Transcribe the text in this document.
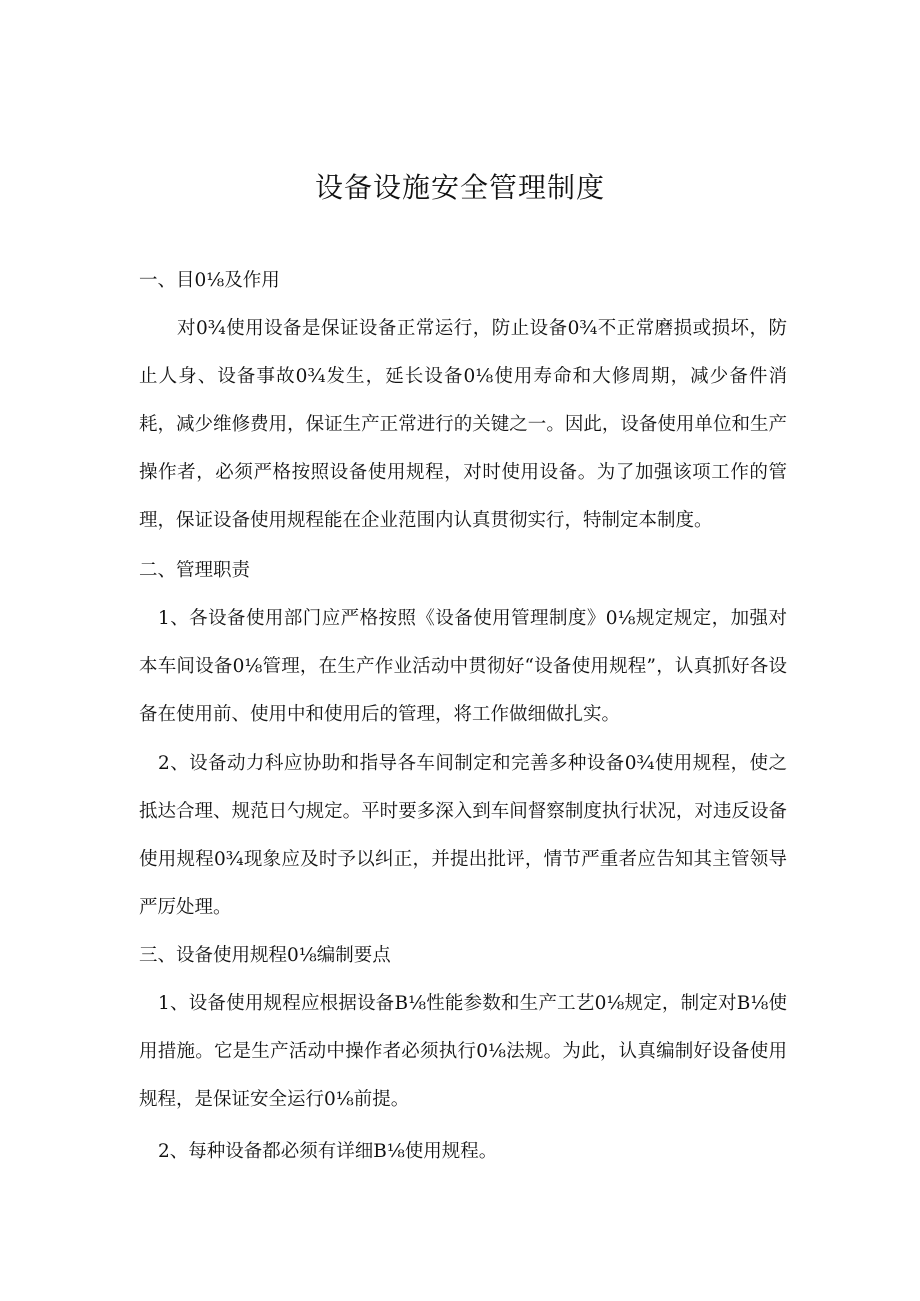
设备设施安全管理制度
一、目0⅛及作用
对0¾使用设备是保证设备正常运行，防止设备0¾不正常磨损或损坏，防止人身、设备事故0¾发生，延长设备0⅛使用寿命和大修周期，减少备件消耗，减少维修费用，保证生产正常进行的关键之一。因此，设备使用单位和生产操作者，必须严格按照设备使用规程，对时使用设备。为了加强该项工作的管理，保证设备使用规程能在企业范围内认真贯彻实行，特制定本制度。
二、管理职责
1、各设备使用部门应严格按照《设备使用管理制度》0⅛规定规定，加强对本车间设备0⅛管理，在生产作业活动中贯彻好“设备使用规程”，认真抓好各设备在使用前、使用中和使用后的管理，将工作做细做扎实。
2、设备动力科应协助和指导各车间制定和完善多种设备0¾使用规程，使之抵达合理、规范日勺规定。平时要多深入到车间督察制度执行状况，对违反设备使用规程0¾现象应及时予以纠正，并提出批评，情节严重者应告知其主管领导严厉处理。
三、设备使用规程0⅛编制要点
1、设备使用规程应根据设备B⅛性能参数和生产工艺0⅛规定，制定对B⅛使用措施。它是生产活动中操作者必须执行0⅛法规。为此，认真编制好设备使用规程，是保证安全运行0⅛前提。
2、每种设备都必须有详细B⅛使用规程。
